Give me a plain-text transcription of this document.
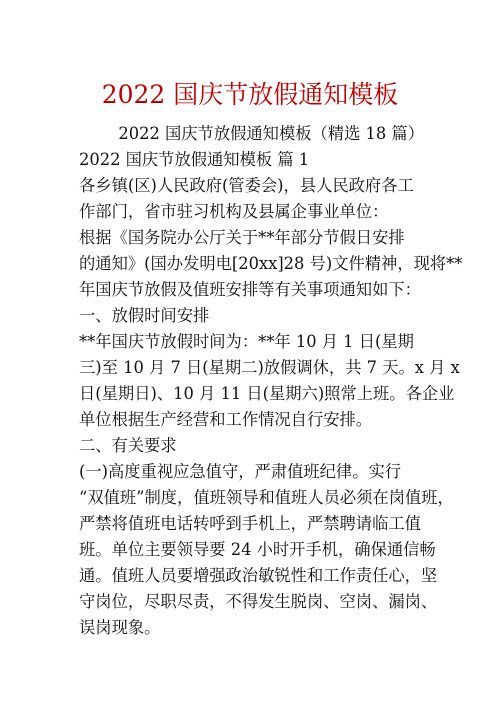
2022 国庆节放假通知模板
2022 国庆节放假通知模板（精选 18 篇）
2022 国庆节放假通知模板 篇 1
各乡镇(区)人民政府(管委会)，县人民政府各工
作部门，省市驻习机构及县属企事业单位：
根据《国务院办公厅关于**年部分节假日安排
的通知》(国办发明电[20xx]28 号)文件精神，现将**
年国庆节放假及值班安排等有关事项通知如下：
一、放假时间安排
**年国庆节放假时间为：**年 10 月 1 日(星期
三)至 10 月 7 日(星期二)放假调休，共 7 天。x 月 x
日(星期日)、10 月 11 日(星期六)照常上班。各企业
单位根据生产经营和工作情况自行安排。
二、有关要求
(一)高度重视应急值守，严肃值班纪律。实行
“双值班”制度，值班领导和值班人员必须在岗值班，
严禁将值班电话转呼到手机上，严禁聘请临工值
班。单位主要领导要 24 小时开手机，确保通信畅
通。值班人员要增强政治敏锐性和工作责任心，坚
守岗位，尽职尽责，不得发生脱岗、空岗、漏岗、
误岗现象。
